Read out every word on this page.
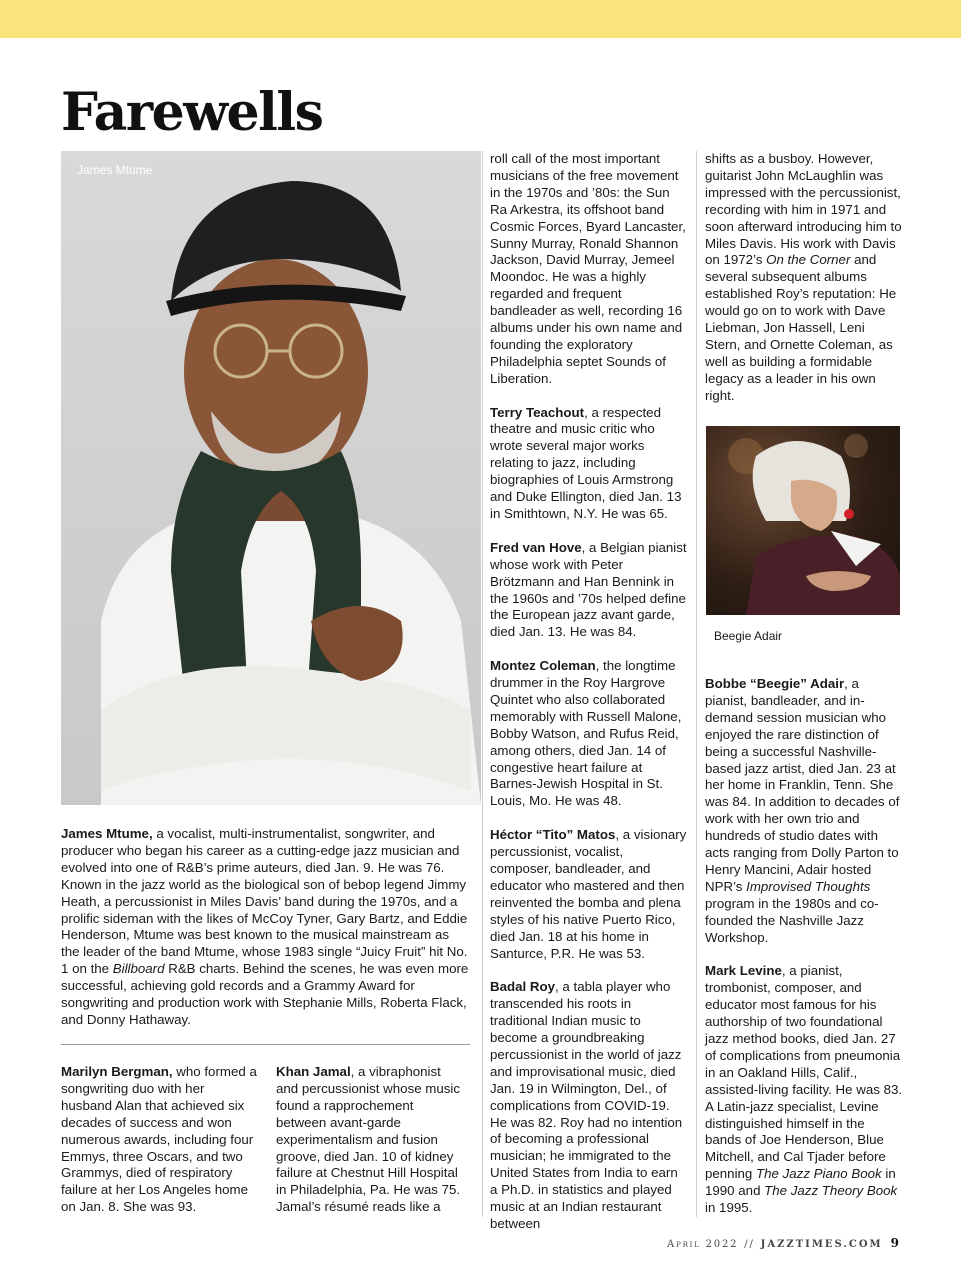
Farewells
James Mtume

James Mtume, a vocalist, multi-instrumentalist, songwriter, and producer who began his career as a cutting-edge jazz musician and evolved into one of R&B’s prime auteurs, died Jan. 9. He was 76. Known in the jazz world as the biological son of bebop legend Jimmy Heath, a percussionist in Miles Davis’ band during the 1970s, and a prolific sideman with the likes of McCoy Tyner, Gary Bartz, and Eddie Henderson, Mtume was best known to the musical mainstream as the leader of the band Mtume, whose 1983 single “Juicy Fruit” hit No. 1 on the Billboard R&B charts. Behind the scenes, he was even more successful, achieving gold records and a Grammy Award for songwriting and production work with Stephanie Mills, Roberta Flack, and Donny Hathaway.

Marilyn Bergman, who formed a songwriting duo with her husband Alan that achieved six decades of success and won numerous awards, including four Emmys, three Oscars, and two Grammys, died of respiratory failure at her Los Angeles home on Jan. 8. She was 93.

Khan Jamal, a vibraphonist and percussionist whose music found a rapprochement between avant-garde experimentalism and fusion groove, died Jan. 10 of kidney failure at Chestnut Hill Hospital in Philadelphia, Pa. He was 75. Jamal’s résumé reads like a

roll call of the most important musicians of the free movement in the 1970s and ’80s: the Sun Ra Arkestra, its offshoot band Cosmic Forces, Byard Lancaster, Sunny Murray, Ronald Shannon Jackson, David Murray, Jemeel Moondoc. He was a highly regarded and frequent bandleader as well, recording 16 albums under his own name and founding the exploratory Philadelphia septet Sounds of Liberation.

Terry Teachout, a respected theatre and music critic who wrote several major works relating to jazz, including biographies of Louis Armstrong and Duke Ellington, died Jan. 13 in Smithtown, N.Y. He was 65.

Fred van Hove, a Belgian pianist whose work with Peter Brötzmann and Han Bennink in the 1960s and ’70s helped define the European jazz avant garde, died Jan. 13. He was 84.

Montez Coleman, the longtime drummer in the Roy Hargrove Quintet who also collaborated memorably with Russell Malone, Bobby Watson, and Rufus Reid, among others, died Jan. 14 of congestive heart failure at Barnes-Jewish Hospital in St. Louis, Mo. He was 48.

Héctor “Tito” Matos, a visionary percussionist, vocalist, composer, bandleader, and educator who mastered and then reinvented the bomba and plena styles of his native Puerto Rico, died Jan. 18 at his home in Santurce, P.R. He was 53.

Badal Roy, a tabla player who transcended his roots in traditional Indian music to become a groundbreaking percussionist in the world of jazz and improvisational music, died Jan. 19 in Wilmington, Del., of complications from COVID-19. He was 82. Roy had no intention of becoming a professional musician; he immigrated to the United States from India to earn a Ph.D. in statistics and played music at an Indian restaurant between

shifts as a busboy. However, guitarist John McLaughlin was impressed with the percussionist, recording with him in 1971 and soon afterward introducing him to Miles Davis. His work with Davis on 1972’s On the Corner and several subsequent albums established Roy’s reputation: He would go on to work with Dave Liebman, Jon Hassell, Leni Stern, and Ornette Coleman, as well as building a formidable legacy as a leader in his own right.

Beegie Adair

Bobbe “Beegie” Adair, a pianist, bandleader, and in-demand session musician who enjoyed the rare distinction of being a successful Nashville-based jazz artist, died Jan. 23 at her home in Franklin, Tenn. She was 84. In addition to decades of work with her own trio and hundreds of studio dates with acts ranging from Dolly Parton to Henry Mancini, Adair hosted NPR’s Improvised Thoughts program in the 1980s and co-founded the Nashville Jazz Workshop.

Mark Levine, a pianist, trombonist, composer, and educator most famous for his authorship of two foundational jazz method books, died Jan. 27 of complications from pneumonia in an Oakland Hills, Calif., assisted-living facility. He was 83. A Latin-jazz specialist, Levine distinguished himself in the bands of Joe Henderson, Blue Mitchell, and Cal Tjader before penning The Jazz Piano Book in 1990 and The Jazz Theory Book in 1995.

April 2022 // JAZZTIMES.COM 9
